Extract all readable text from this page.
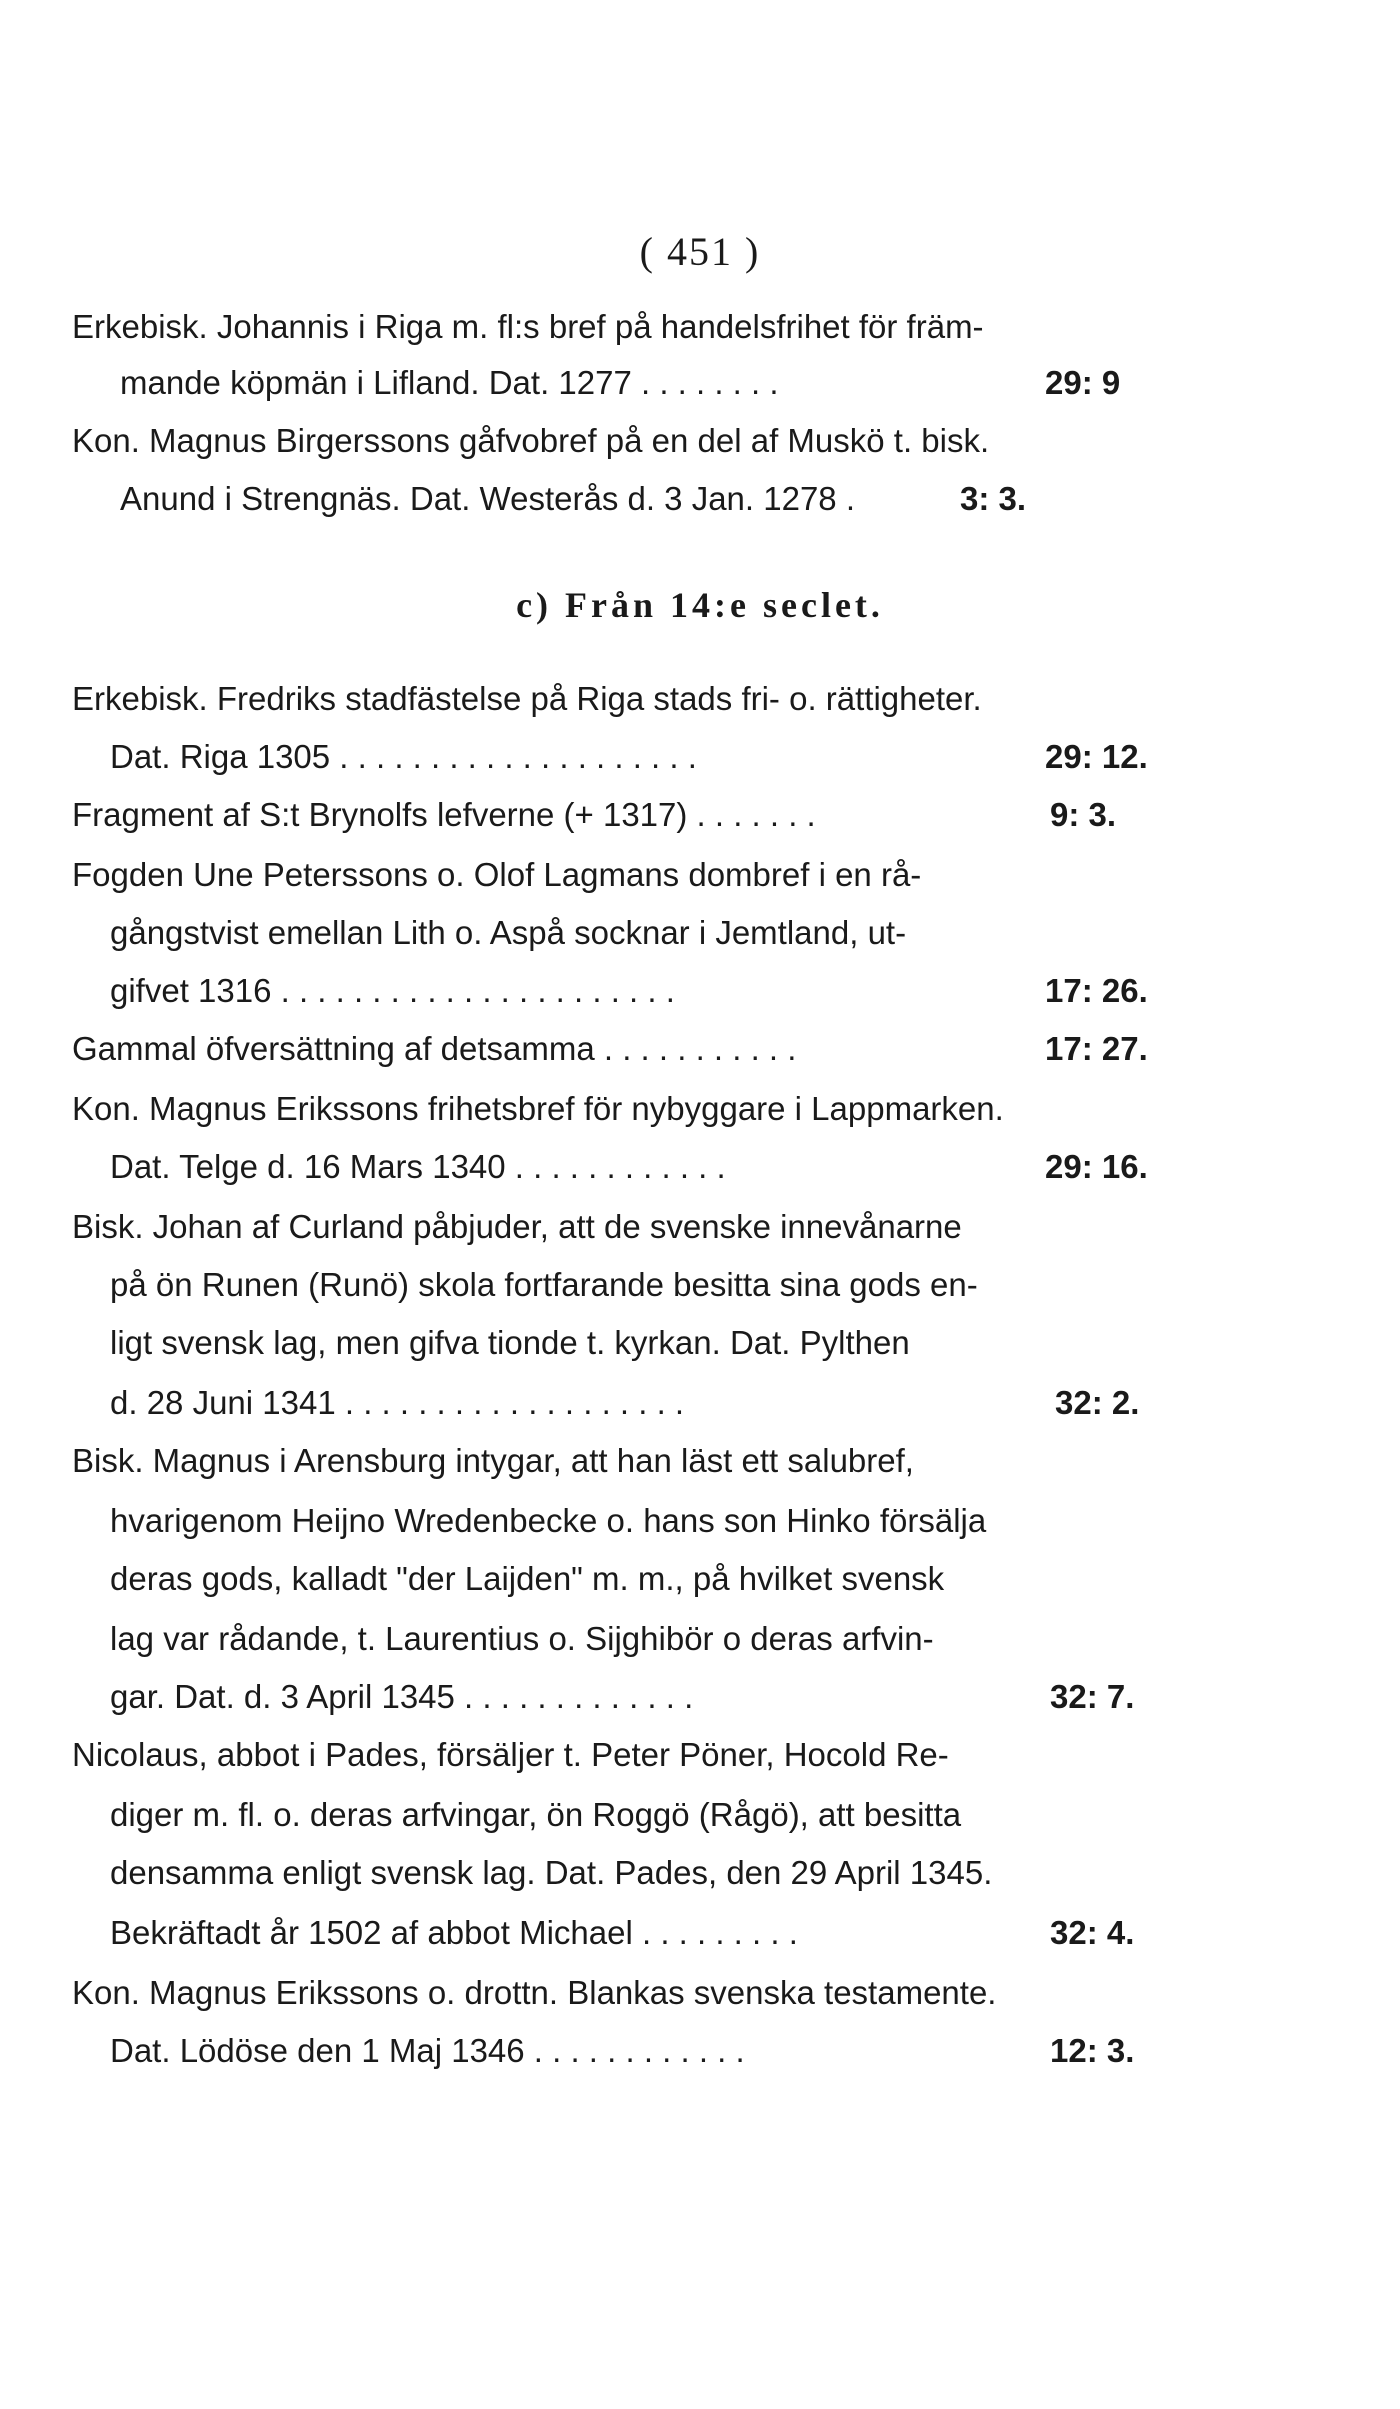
( 451 )
Erkebisk. Johannis i Riga m. fl:s bref på handelsfrihet för främ-
mande köpmän i Lifland. Dat. 1277 . . . . . . . .	29: 9
Kon. Magnus Birgerssons gåfvobref på en del af Muskö t. bisk.
Anund i Strengnäs. Dat. Westerås d. 3 Jan. 1278 .	3: 3.
c) Från 14:e seclet.
Erkebisk. Fredriks stadfästelse på Riga stads fri- o. rättigheter.
Dat. Riga 1305 . . . . . . . . . . . . . . . . . . . .	29: 12.
Fragment af S:t Brynolfs lefverne (+ 1317) . . . . . . .	9: 3.
Fogden Une Peterssons o. Olof Lagmans dombref i en rå-
gångstvist emellan Lith o. Aspå socknar i Jemtland, ut-
gifvet 1316 . . . . . . . . . . . . . . . . . . . . . .	17: 26.
Gammal öfversättning af detsamma . . . . . . . . . . .	17: 27.
Kon. Magnus Erikssons frihetsbref för nybyggare i Lappmarken.
Dat. Telge d. 16 Mars 1340 . . . . . . . . . . . .	29: 16.
Bisk. Johan af Curland påbjuder, att de svenske innevånarne
på ön Runen (Runö) skola fortfarande besitta sina gods en-
ligt svensk lag, men gifva tionde t. kyrkan. Dat. Pylthen
d. 28 Juni 1341 . . . . . . . . . . . . . . . . . . .	32: 2.
Bisk. Magnus i Arensburg intygar, att han läst ett salubref,
hvarigenom Heijno Wredenbecke o. hans son Hinko försälja
deras gods, kalladt "der Laijden" m. m., på hvilket svensk
lag var rådande, t. Laurentius o. Sijghibör o deras arfvin-
gar. Dat. d. 3 April 1345 . . . . . . . . . . . . .	32: 7.
Nicolaus, abbot i Pades, försäljer t. Peter Pöner, Hocold Re-
diger m. fl. o. deras arfvingar, ön Roggö (Rågö), att besitta
densamma enligt svensk lag. Dat. Pades, den 29 April 1345.
Bekräftadt år 1502 af abbot Michael . . . . . . . . .	32: 4.
Kon. Magnus Erikssons o. drottn. Blankas svenska testamente.
Dat. Lödöse den 1 Maj 1346 . . . . . . . . . . . .	12: 3.
